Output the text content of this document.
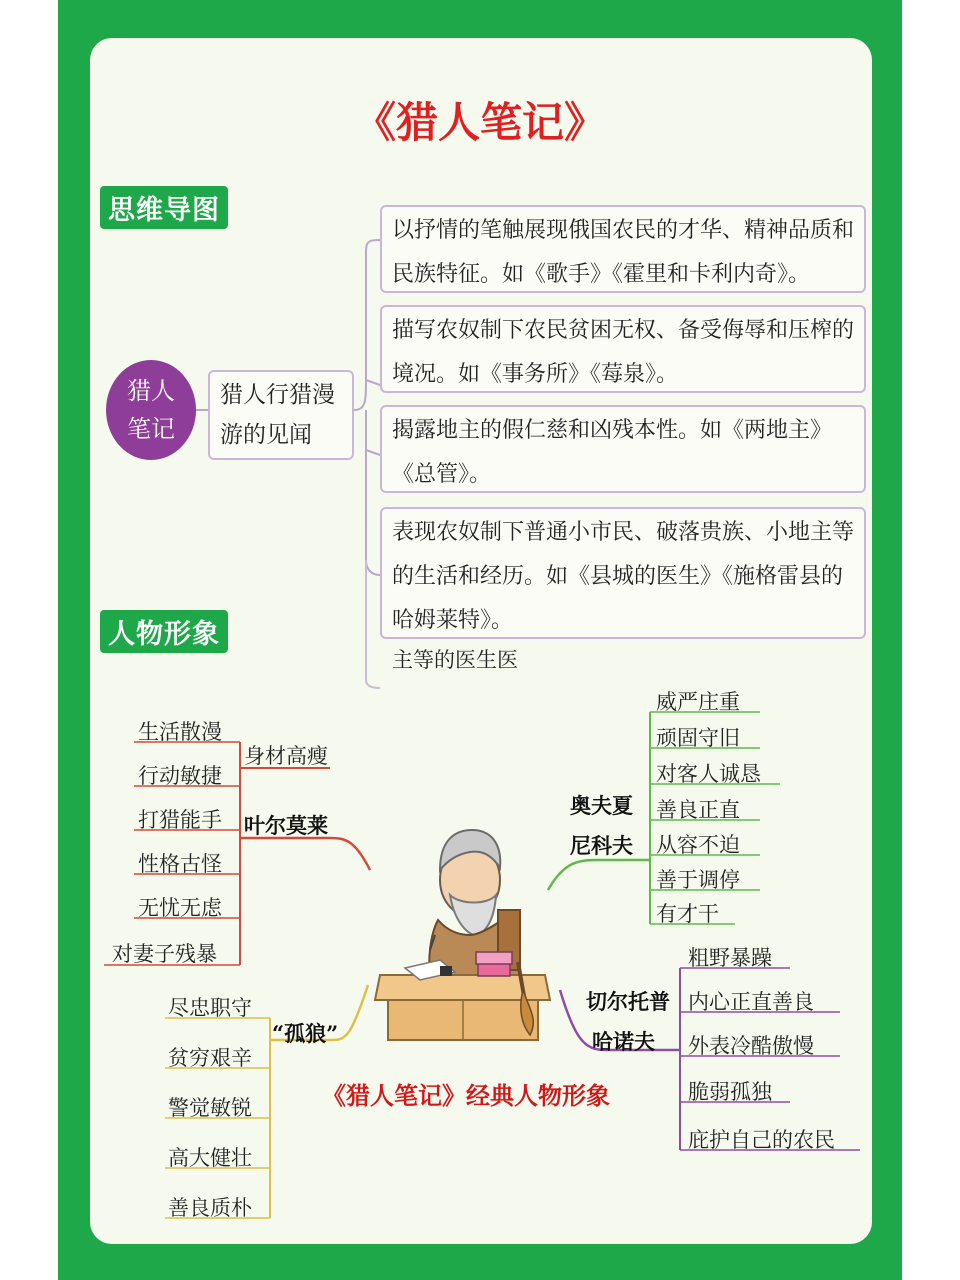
《猎人笔记》
思维导图
人物形象
猎人笔记
猎人行猎漫游的见闻
以抒情的笔触展现俄国农民的才华、精神品质和民族特征。如《歌手》《霍里和卡利内奇》。
描写农奴制下农民贫困无权、备受侮辱和压榨的境况。如《事务所》《莓泉》。
揭露地主的假仁慈和凶残本性。如《两地主》《总管》。
表现农奴制下普通小市民、破落贵族、小地主等的生活和经历。如《县城的医生》《施格雷县的哈姆莱特》。
主等的医生医
身材高瘦
叶尔莫莱
生活散漫
行动敏捷
打猎能手
性格古怪
无忧无虑
对妻子残暴
“孤狼”
尽忠职守
贫穷艰辛
警觉敏锐
高大健壮
善良质朴
奥夫夏
尼科夫
威严庄重
顽固守旧
对客人诚恳
善良正直
从容不迫
善于调停
有才干
切尔托普
哈诺夫
粗野暴躁
内心正直善良
外表冷酷傲慢
脆弱孤独
庇护自己的农民
《猎人笔记》经典人物形象
